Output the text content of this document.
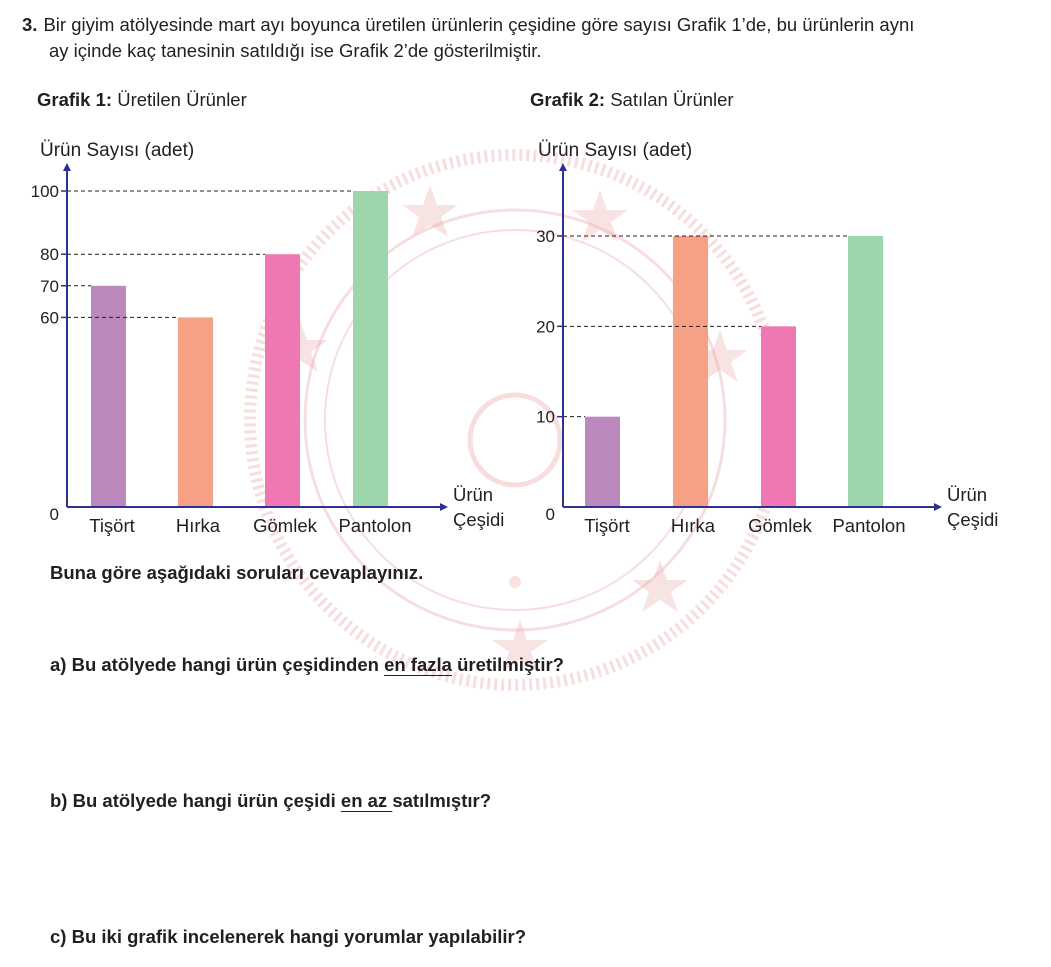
3. Bir giyim atölyesinde mart ayı boyunca üretilen ürünlerin çeşidine göre sayısı Grafik 1’de, bu ürünlerin aynı
ay içinde kaç tanesinin satıldığı ise Grafik 2’de gösterilmiştir.
Grafik 1: Üretilen Ürünler	Grafik 2: Satılan Ürünler
60
70
80
100
0
Ürün Sayısı (adet)
Tişört Hırka Gömlek Pantolon
Ürün
Çeşidi
10
20
30
0
Ürün Sayısı (adet)
Tişört Hırka Gömlek Pantolon
Ürün
Çeşidi
Buna göre aşağıdaki soruları cevaplayınız.
a) Bu atölyede hangi ürün çeşidinden en fazla üretilmiştir?
b) Bu atölyede hangi ürün çeşidi en az satılmıştır?
c) Bu iki grafik incelenerek hangi yorumlar yapılabilir?
